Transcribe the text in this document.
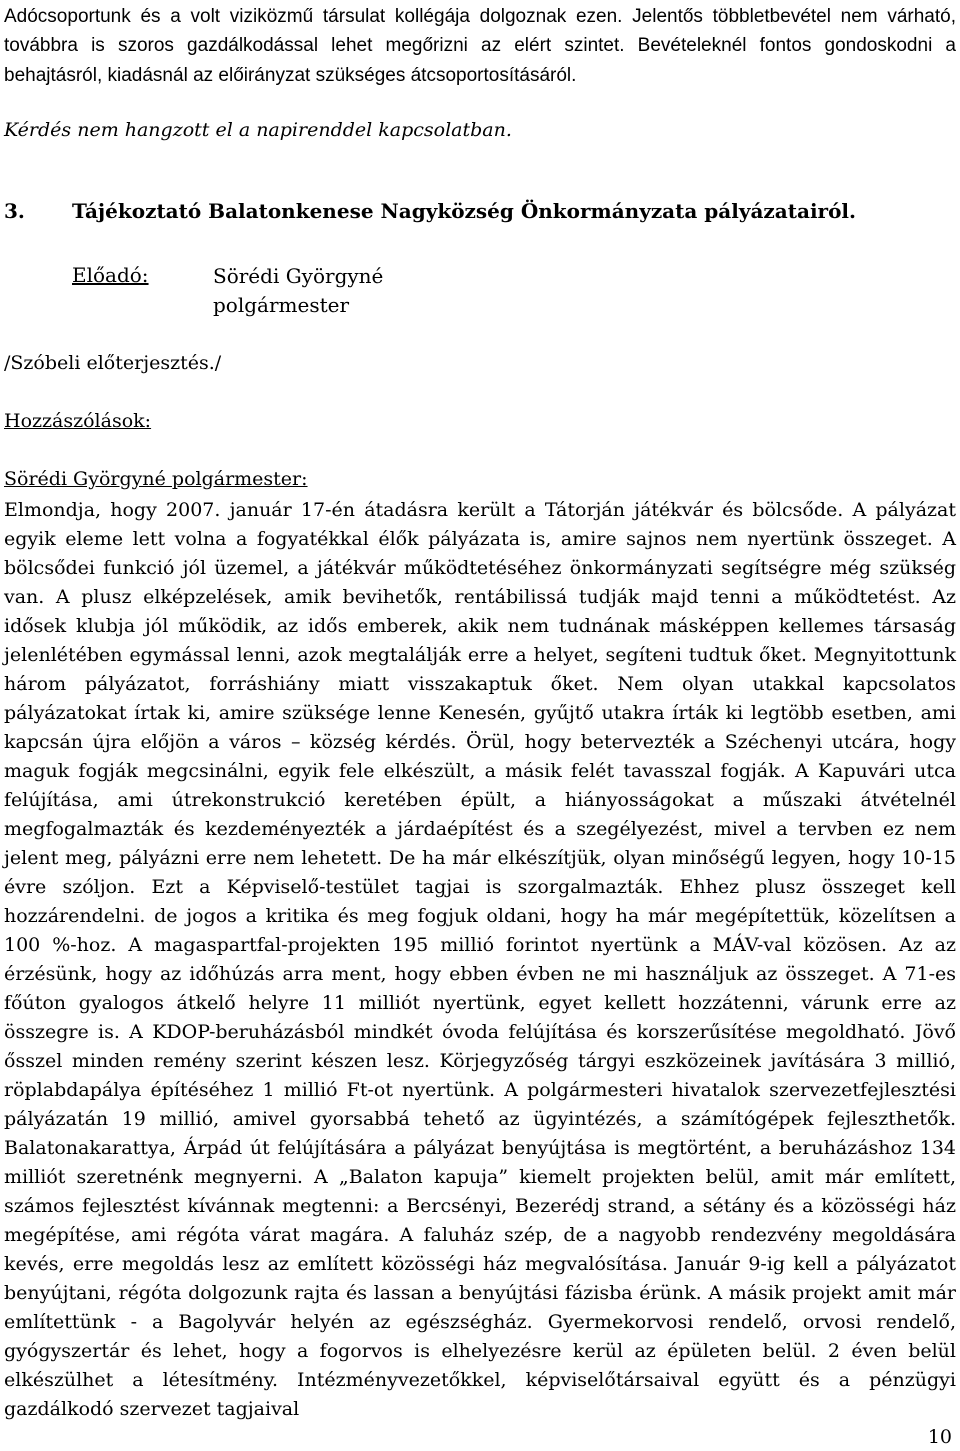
Adócsoportunk és a volt viziközmű társulat kollégája dolgoznak ezen. Jelentős többletbevétel nem várható, továbbra is szoros gazdálkodással lehet megőrizni az elért szintet. Bevételeknél fontos gondoskodni a behajtásról, kiadásnál az előirányzat szükséges átcsoportosításáról.
Kérdés nem hangzott el a napirenddel kapcsolatban.
3. Tájékoztató Balatonkenese Nagyközség Önkormányzata pályázatairól.
Előadó:	Sörédi Györgyné
polgármester
/Szóbeli előterjesztés./
Hozzászólások:
Sörédi Györgyné polgármester:
Elmondja, hogy 2007. január 17-én átadásra került a Tátorján játékvár és bölcsőde. A pályázat egyik eleme lett volna a fogyatékkal élők pályázata is, amire sajnos nem nyertünk összeget. A bölcsődei funkció jól üzemel, a játékvár működtetéséhez önkormányzati segítségre még szükség van. A plusz elképzelések, amik bevihetők, rentábilissá tudják majd tenni a működtetést. Az idősek klubja jól működik, az idős emberek, akik nem tudnának másképpen kellemes társaság jelenlétében egymással lenni, azok megtalálják erre a helyet, segíteni tudtuk őket. Megnyitottunk három pályázatot, forráshiány miatt visszakaptuk őket. Nem olyan utakkal kapcsolatos pályázatokat írtak ki, amire szüksége lenne Kenesén, gyűjtő utakra írták ki legtöbb esetben, ami kapcsán újra előjön a város – község kérdés. Örül, hogy betervezték a Széchenyi utcára, hogy maguk fogják megcsinálni, egyik fele elkészült, a másik felét tavasszal fogják. A Kapuvári utca felújítása, ami útrekonstrukció keretében épült, a hiányosságokat a műszaki átvételnél megfogalmazták és kezdeményezték a járdaépítést és a szegélyezést, mivel a tervben ez nem jelent meg, pályázni erre nem lehetett. De ha már elkészítjük, olyan minőségű legyen, hogy 10-15 évre szóljon. Ezt a Képviselő-testület tagjai is szorgalmazták. Ehhez plusz összeget kell hozzárendelni. de jogos a kritika és meg fogjuk oldani, hogy ha már megépítettük, közelítsen a 100 %-hoz. A magaspartfal-projekten 195 millió forintot nyertünk a MÁV-val közösen. Az az érzésünk, hogy az időhúzás arra ment, hogy ebben évben ne mi használjuk az összeget. A 71-es főúton gyalogos átkelő helyre 11 milliót nyertünk, egyet kellett hozzátenni, várunk erre az összegre is. A KDOP-beruházásból mindkét óvoda felújítása és korszerűsítése megoldható. Jövő ősszel minden remény szerint készen lesz. Körjegyzőség tárgyi eszközeinek javítására 3 millió, röplabdapálya építéséhez 1 millió Ft-ot nyertünk. A polgármesteri hivatalok szervezetfejlesztési pályázatán 19 millió, amivel gyorsabbá tehető az ügyintézés, a számítógépek fejleszthetők. Balatonakarattya, Árpád út felújítására a pályázat benyújtása is megtörtént, a beruházáshoz 134 milliót szeretnénk megnyerni. A „Balaton kapuja” kiemelt projekten belül, amit már említett, számos fejlesztést kívánnak megtenni: a Bercsényi, Bezerédj strand, a sétány és a közösségi ház megépítése, ami régóta várat magára. A faluház szép, de a nagyobb rendezvény megoldására kevés, erre megoldás lesz az említett közösségi ház megvalósítása. Január 9-ig kell a pályázatot benyújtani, régóta dolgozunk rajta és lassan a benyújtási fázisba érünk. A másik projekt amit már említettünk - a Bagolyvár helyén az egészségház. Gyermekorvosi rendelő, orvosi rendelő, gyógyszertár és lehet, hogy a fogorvos is elhelyezésre kerül az épületen belül. 2 éven belül elkészülhet a létesítmény. Intézményvezetőkkel, képviselőtársaival együtt és a pénzügyi gazdálkodó szervezet tagjaival
10
